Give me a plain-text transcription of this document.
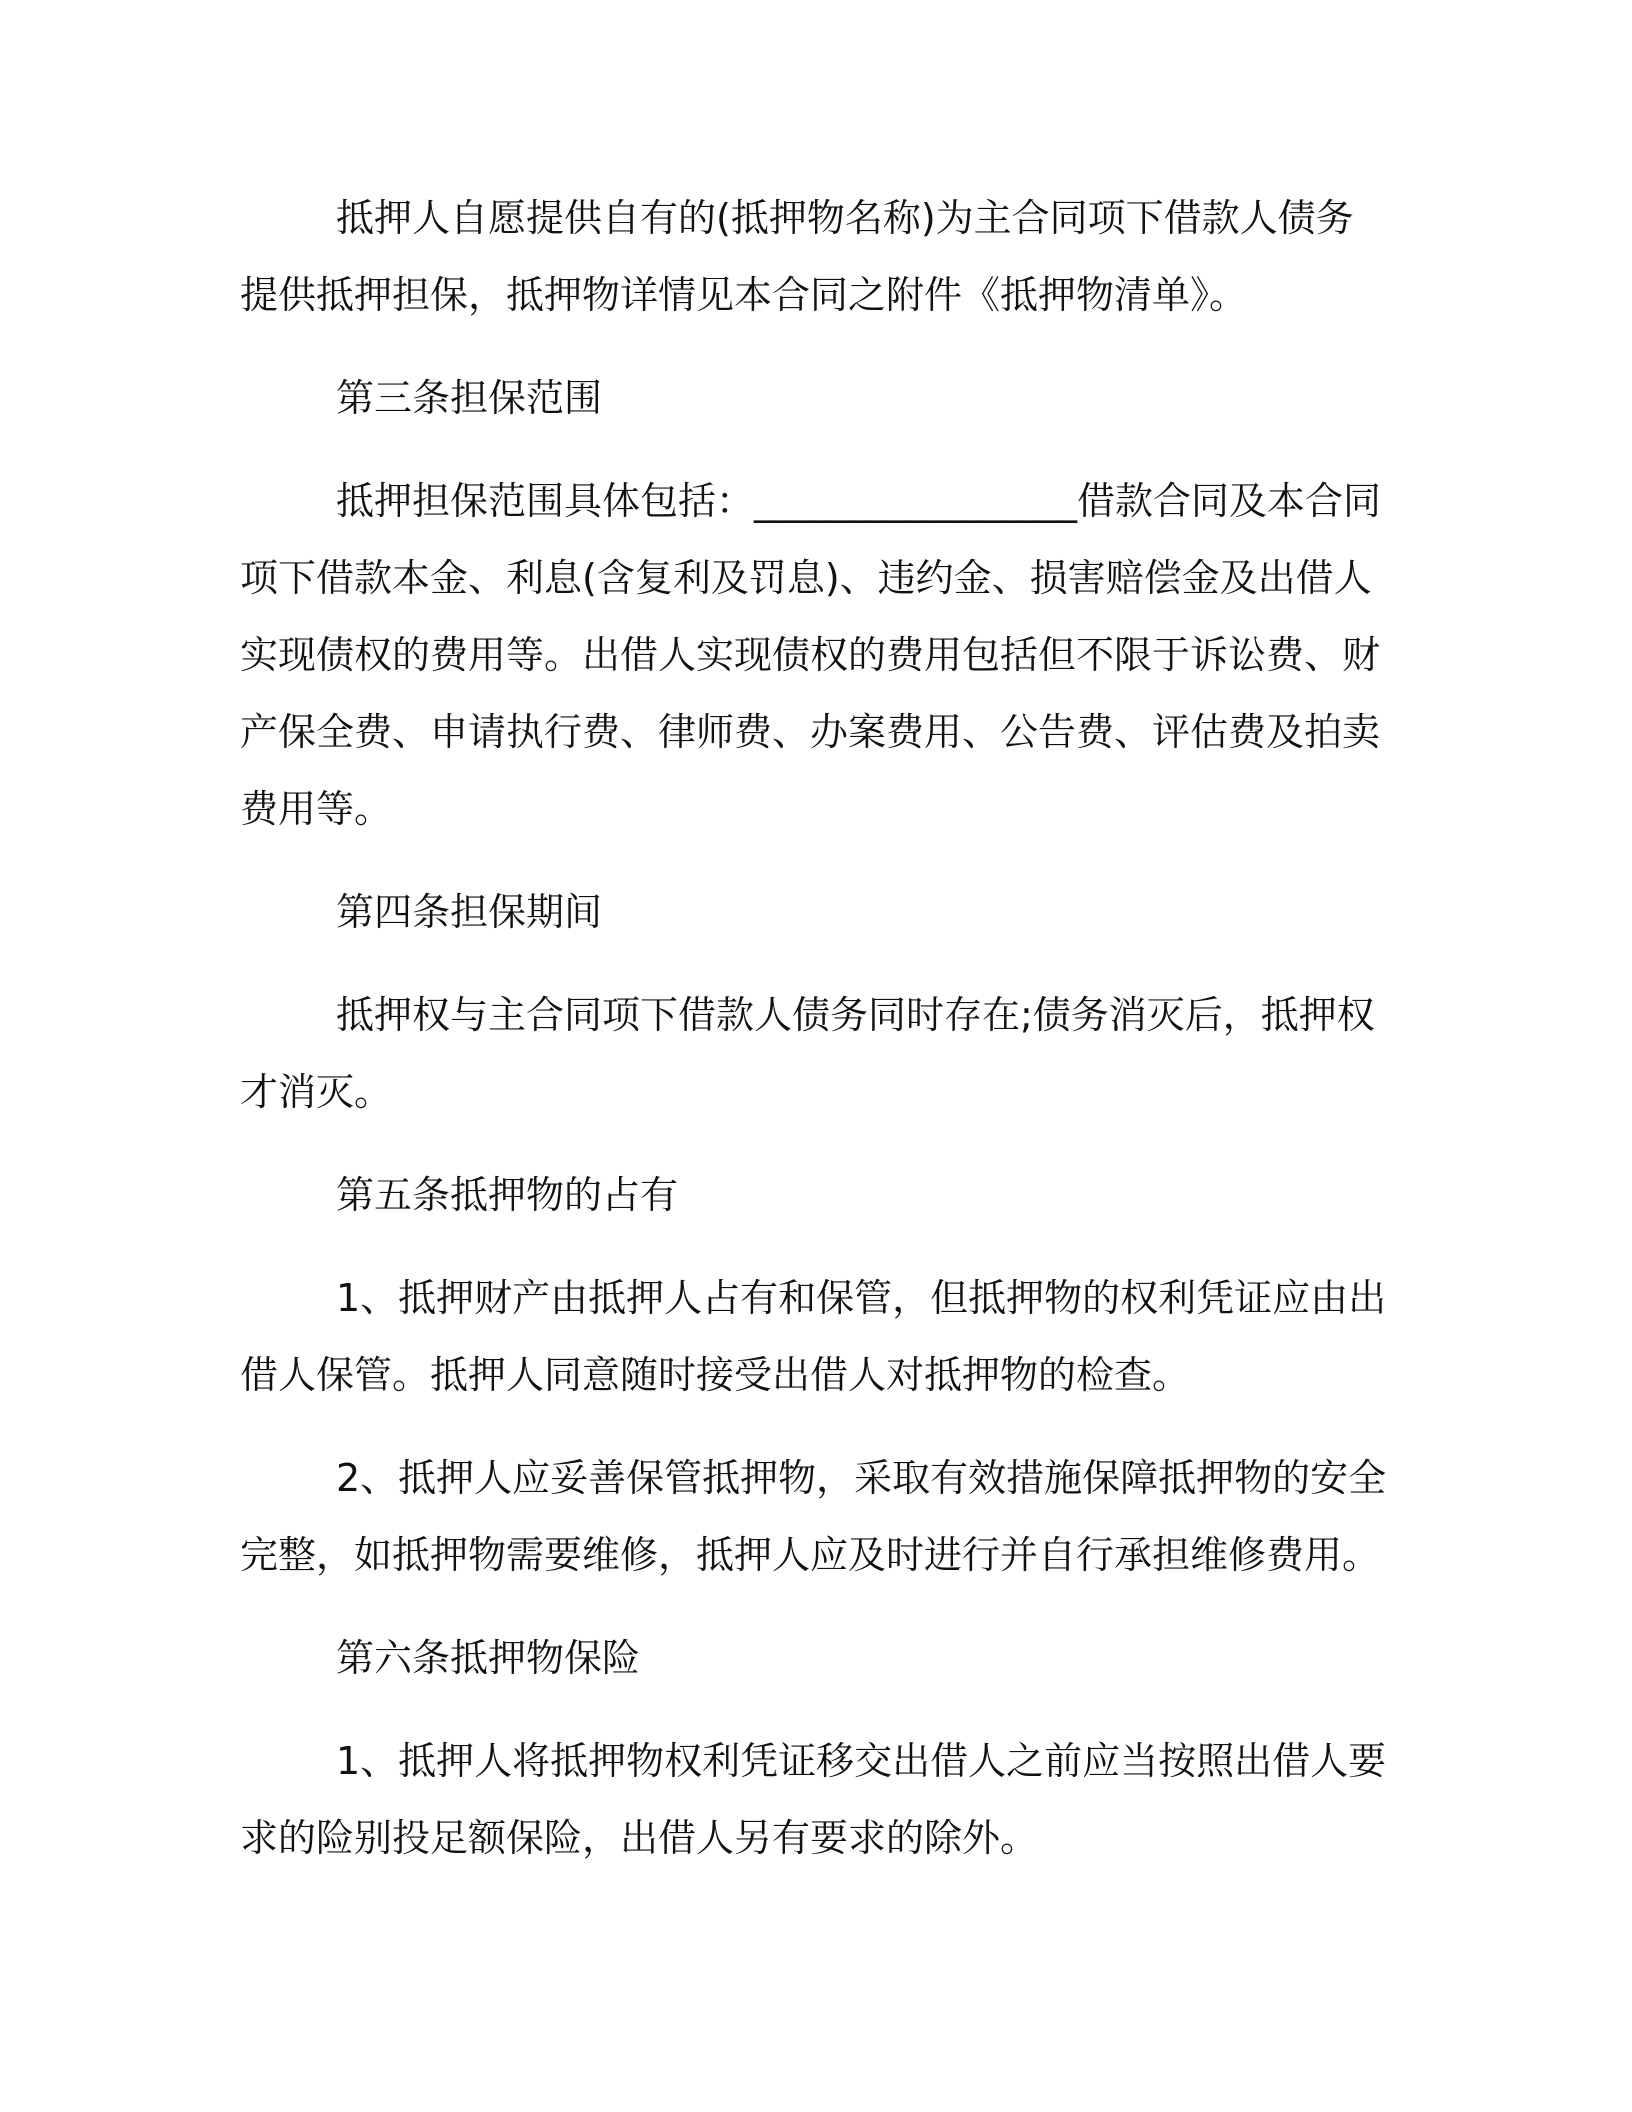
抵押人自愿提供自有的(抵押物名称)为主合同项下借款人债务提供抵押担保，抵押物详情见本合同之附件《抵押物清单》。

第三条担保范围

抵押担保范围具体包括：_________________借款合同及本合同项下借款本金、利息(含复利及罚息)、违约金、损害赔偿金及出借人实现债权的费用等。出借人实现债权的费用包括但不限于诉讼费、财产保全费、申请执行费、律师费、办案费用、公告费、评估费及拍卖费用等。

第四条担保期间

抵押权与主合同项下借款人债务同时存在;债务消灭后，抵押权才消灭。

第五条抵押物的占有

1、抵押财产由抵押人占有和保管，但抵押物的权利凭证应由出借人保管。抵押人同意随时接受出借人对抵押物的检查。

2、抵押人应妥善保管抵押物，采取有效措施保障抵押物的安全完整，如抵押物需要维修，抵押人应及时进行并自行承担维修费用。

第六条抵押物保险

1、抵押人将抵押物权利凭证移交出借人之前应当按照出借人要求的险别投足额保险，出借人另有要求的除外。
